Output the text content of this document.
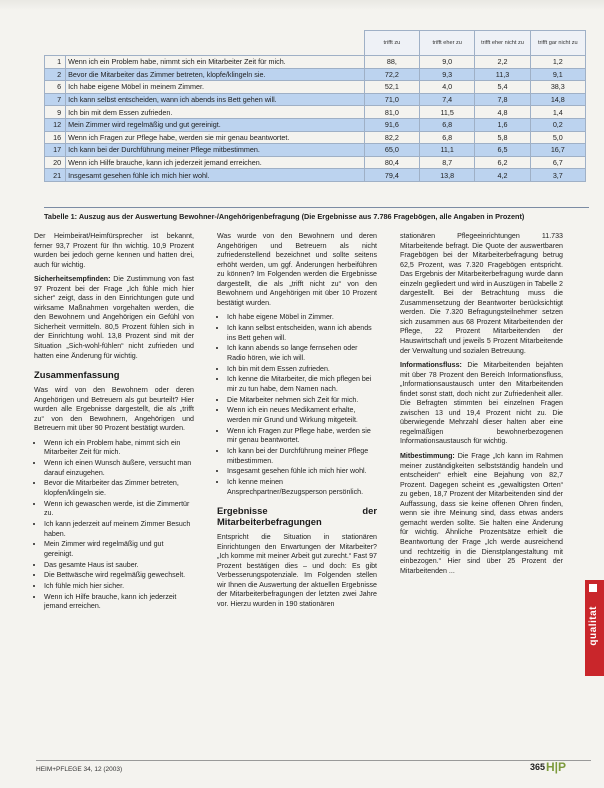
		trifft zu	trifft eher zu	trifft eher nicht zu	trifft gar nicht zu
1	Wenn ich ein Problem habe, nimmt sich ein Mitarbeiter Zeit für mich.	88,	9,0	2,2	1,2
2	Bevor die Mitarbeiter das Zimmer betreten, klopfe/klingeln sie.	72,2	9,3	11,3	9,1
6	Ich habe eigene Möbel in meinem Zimmer.	52,1	4,0	5,4	38,3
7	Ich kann selbst entscheiden, wann ich abends ins Bett gehen will.	71,0	7,4	7,8	14,8
9	Ich bin mit dem Essen zufrieden.	81,0	11,5	4,8	1,4
12	Mein Zimmer wird regelmäßig und gut gereinigt.	91,6	6,8	1,6	0,2
16	Wenn ich Fragen zur Pflege habe, werden sie mir genau beantwortet.	82,2	6,8	5,8	5,0
17	Ich kann bei der Durchführung meiner Pflege mitbestimmen.	65,0	11,1	6,5	16,7
20	Wenn ich Hilfe brauche, kann ich jederzeit jemand erreichen.	80,4	8,7	6,2	6,7
21	Insgesamt gesehen fühle ich mich hier wohl.	79,4	13,8	4,2	3,7
Tabelle 1: Auszug aus der Auswertung Bewohner-/Angehörigenbefragung (Die Ergebnisse aus 7.786 Fragebögen, alle Angaben in Prozent)

Der Heimbeirat/Heimfürsprecher ist bekannt, ferner 93,7 Prozent für Ihn wichtig. 10,9 Prozent wurden bei jedoch gerne kennen und hatten drei, auch für wichtig.

Sicherheitsempfinden: Die Zustimmung von fast 97 Prozent bei der Frage „Ich fühle mich hier sicher“ zeigt, dass in den Einrichtungen gute und wirksame Maßnahmen vorgehalten werden, die den Bewohnern und Angehörigen ein Gefühl von Sicherheit vermitteln. 80,5 Prozent fühlen sich in der Einrichtung wohl. 13,8 Prozent sind mit der Situation „Sich-wohl-fühlen“ nicht zufrieden und hatten eine Änderung für wichtig.

Zusammenfassung

Was wird von den Bewohnern oder deren Angehörigen und Betreuern als gut beurteilt? Hier wurden alle Ergebnisse dargestellt, die als „trifft zu“ von den Bewohnern, Angehörigen und Betreuern mit über 90 Prozent bestätigt wurden.

• Wenn ich ein Problem habe, nimmt sich ein Mitarbeiter Zeit für mich.
• Wenn ich einen Wunsch äußere, versucht man darauf einzugehen.
• Bevor die Mitarbeiter das Zimmer betreten, klopfen/klingeln sie.
• Wenn ich gewaschen werde, ist die Zimmertür zu.
• Ich kann jederzeit auf meinem Zimmer Besuch haben.
• Mein Zimmer wird regelmäßig und gut gereinigt.
• Das gesamte Haus ist sauber.
• Die Bettwäsche wird regelmäßig gewechselt.
• Ich fühle mich hier sicher.
• Wenn ich Hilfe brauche, kann ich jederzeit jemand erreichen.

Was wurde von den Bewohnern und deren Angehörigen und Betreuern als nicht zufriedenstellend bezeichnet und sollte seitens erhöht werden, um ggf. Änderungen herbeiführen zu können? Im Folgenden werden die Ergebnisse dargestellt, die als „trifft nicht zu“ von den Bewohnern und Angehörigen mit über 10 Prozent bestätigt wurden.

• Ich habe eigene Möbel in Zimmer.
• Ich kann selbst entscheiden, wann ich abends ins Bett gehen will.
• Ich kann abends so lange fernsehen oder Radio hören, wie ich will.
• Ich bin mit dem Essen zufrieden.
• Ich kenne die Mitarbeiter, die mich pflegen bei mir zu tun habe, dem Namen nach.
• Die Mitarbeiter nehmen sich Zeit für mich.
• Wenn ich ein neues Medikament erhalte, werden mir Grund und Wirkung mitgeteilt.
• Wenn ich Fragen zur Pflege habe, werden sie mir genau beantwortet.
• Ich kann bei der Durchführung meiner Pflege mitbestimmen.
• Insgesamt gesehen fühle ich mich hier wohl.
• Ich kenne meinen Ansprechpartner/Bezugsperson persönlich.
Ergebnisse der Mitarbeiterbefragungen

Entspricht die Situation in stationären Einrichtungen den Erwartungen der Mitarbeiter? „Ich komme mit meiner Arbeit gut zurecht.“ Fast 97 Prozent bestätigen dies – und doch: Es gibt Verbesserungspotenziale. Im Folgenden stellen wir Ihnen die Auswertung der aktuellen Ergebnisse der Mitarbeiterbefragungen der letzten zwei Jahre vor. Hierzu wurden in 190 stationären

stationären Pflegeeinrichtungen 11.733 Mitarbeitende befragt. Die Quote der auswertbaren Fragebögen bei der Mitarbeiterbefragung betrug 62,5 Prozent, was 7.320 Fragebögen entspricht. Das Ergebnis der Mitarbeiterbefragung wurde dann einzeln gegliedert und wird in Auszügen in Tabelle 2 dargestellt. Bei der Betrachtung muss die Zusammensetzung der Beantworter berücksichtigt werden. Die 7.320 Befragungsteilnehmer setzen sich zusammen aus 68 Prozent Mitarbeitenden der Pflege, 22 Prozent Mitarbeitenden der Hauswirtschaft und jeweils 5 Prozent Mitarbeitende der Verwaltung und sozialen Betreuung.

Informationsfluss: Die Mitarbeitenden bejahten mit über 78 Prozent den Bereich Informationsfluss, „Informationsaustausch unter den Mitarbeitenden findet sonst statt, doch nicht zur Zufriedenheit aller. Die Befragten stimmten bei einzelnen Fragen zwischen 13 und 19,4 Prozent nicht zu. Die überwiegende Mehrzahl dieser halten aber eine regelmäßigen bewohnerbezogenen Informationsaustausch für wichtig.

Mitbestimmung: Die Frage „Ich kann im Rahmen meiner zuständigkeiten selbstständig handeln und entscheiden“ erhielt eine Bejahung von 82,7 Prozent. Dagegen scheint es „gewaltigsten Orten“ zu geben, 18,7 Prozent der Mitarbeitenden sind der Auffassung, dass sie keine offenen Ohren finden, wenn sie ihre Meinung sind, dass etwas anders gemacht werden sollte. Sie halten eine Änderung für wichtig. Ähnliche Prozentsätze erhielt die Beantwortung der Frage „Ich werde ausreichend und rechtzeitig in die Dienstplangestaltung mit einbezogen.“ Hier sind über 25 Prozent der Mitarbeitenden ...

qualitat
HEIM+PFLEGE 34, 12 (2003)	365 H|P
